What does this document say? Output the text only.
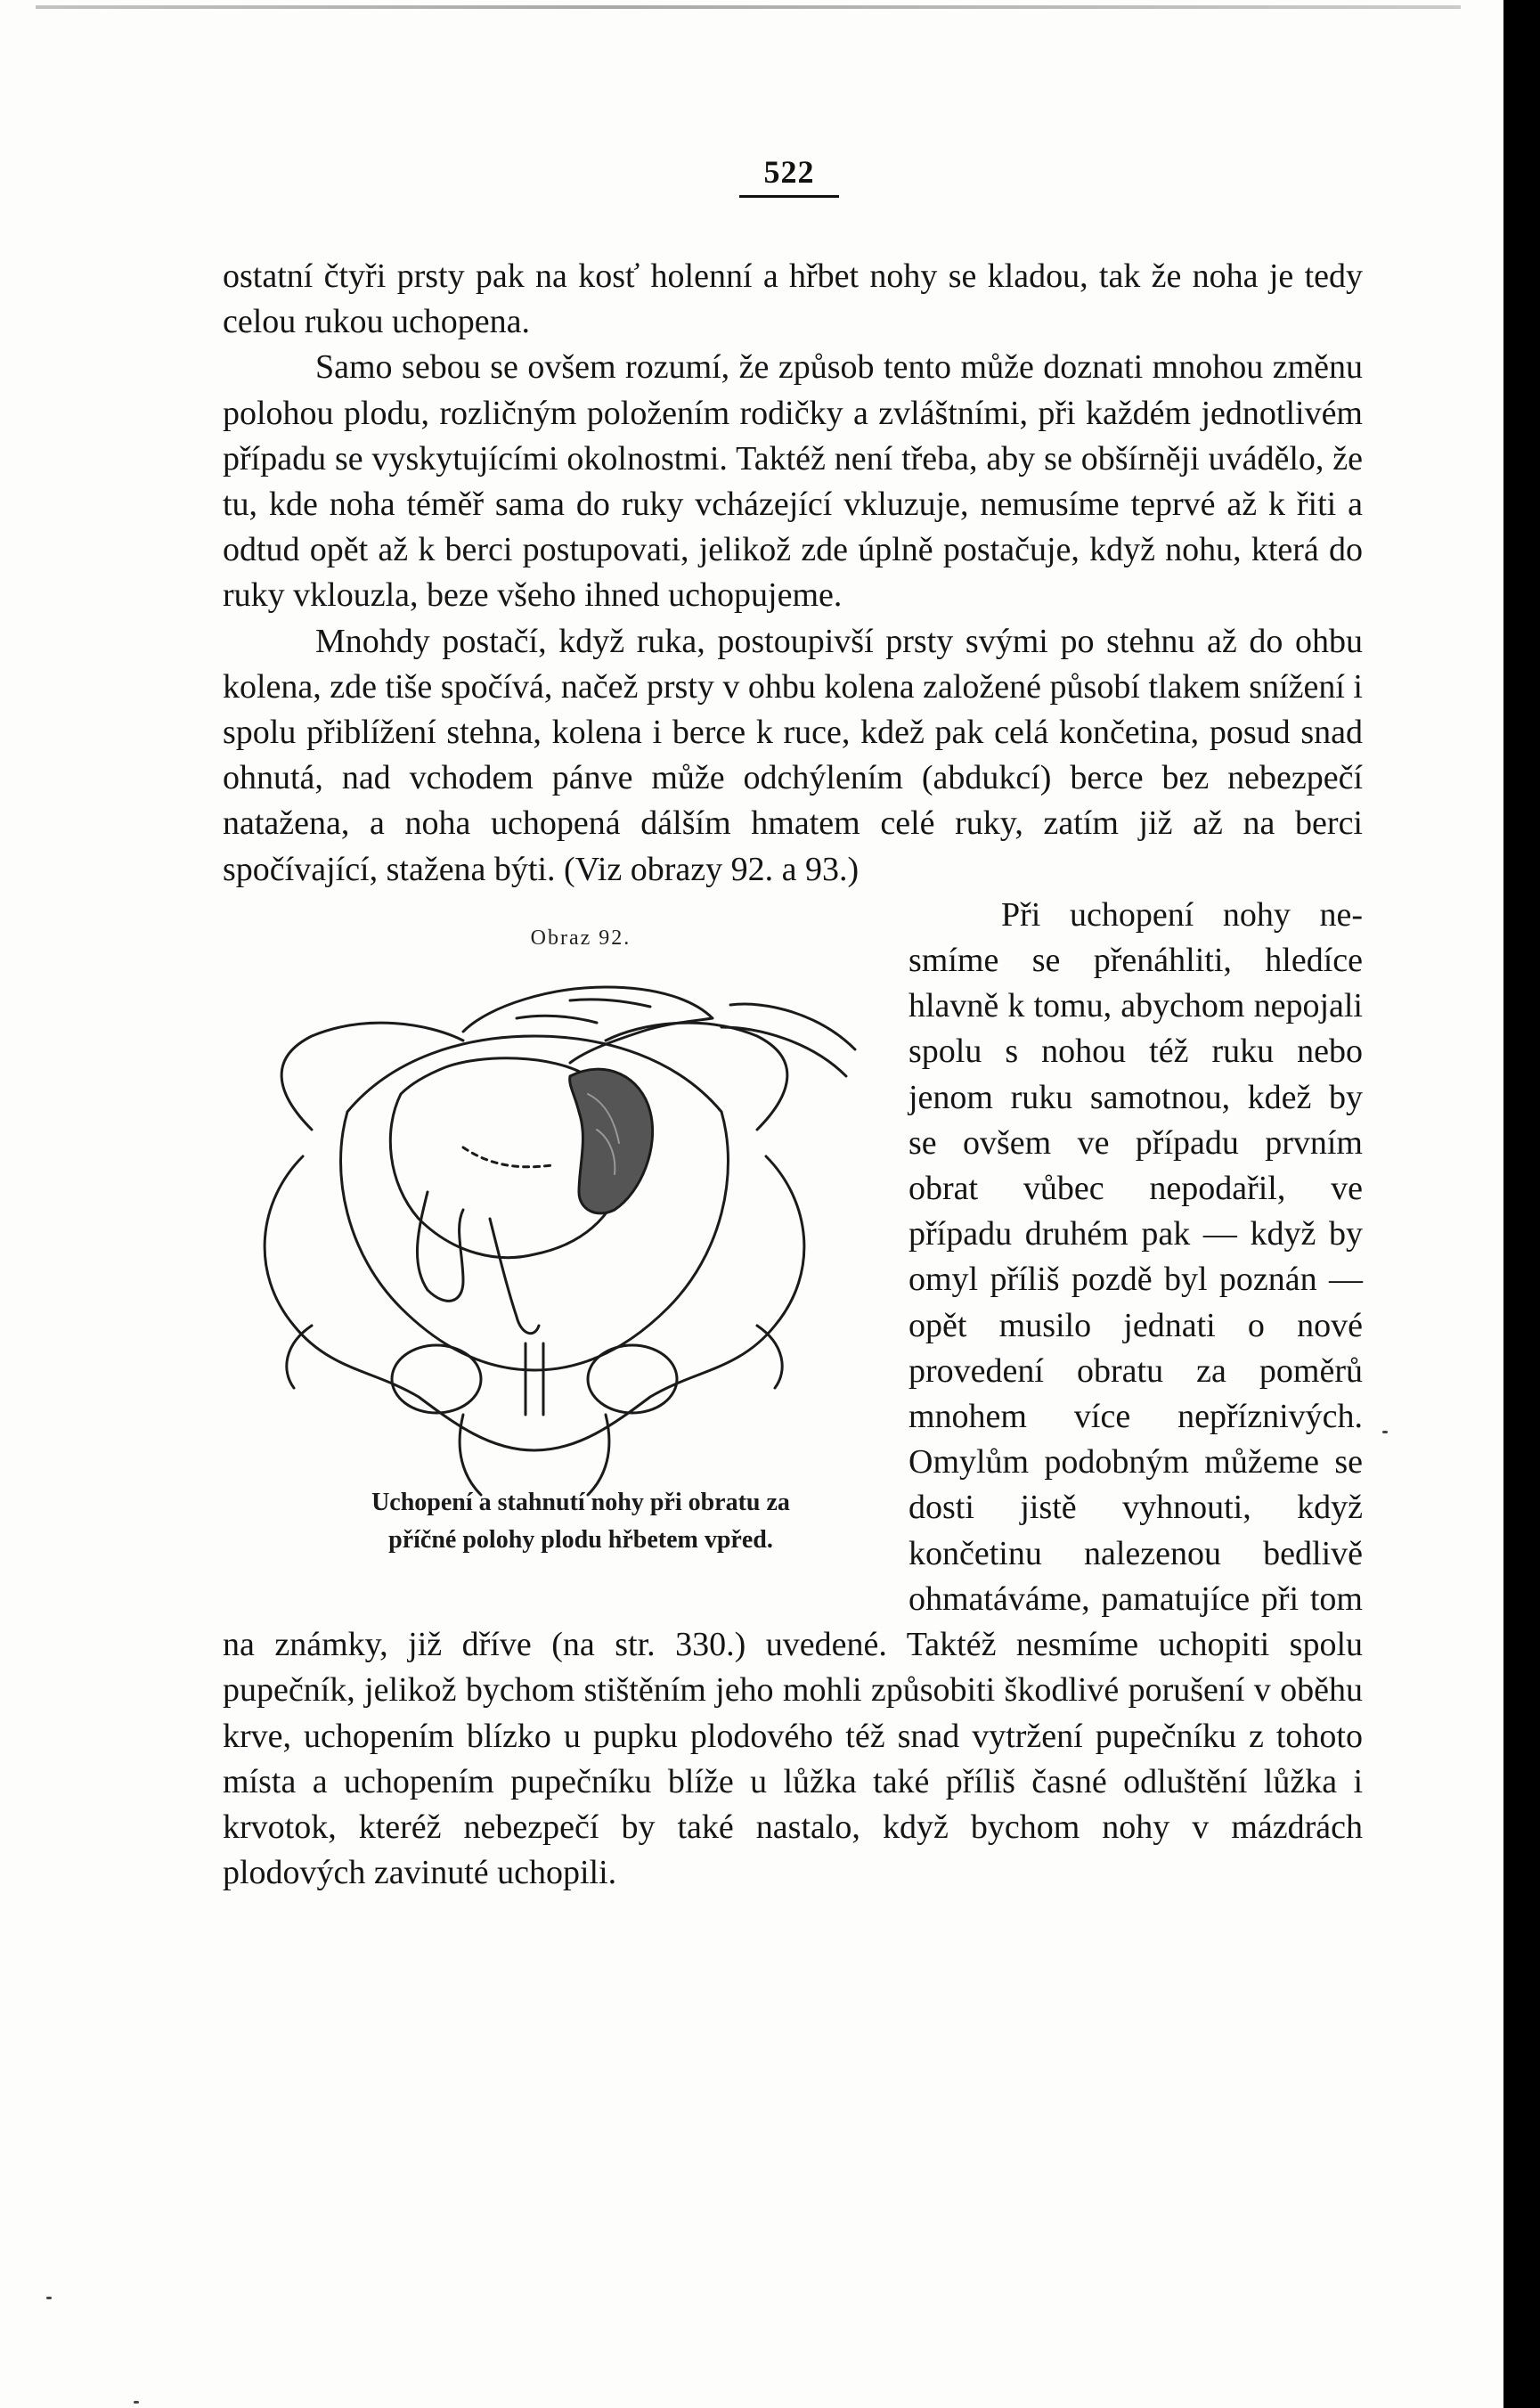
522

ostatní čtyři prsty pak na kosť holenní a hřbet nohy se kladou, tak že noha je tedy celou rukou uchopena.

Samo sebou se ovšem rozumí, že způsob tento může doznati mnohou změnu polohou plodu, rozličným položením rodičky a zvláštními, při každém jednotlivém případu se vyskytujícími okolnostmi. Taktéž není třeba, aby se obšírněji uvádělo, že tu, kde noha téměř sama do ruky vcházející vkluzuje, nemusíme teprvé až k řiti a odtud opět až k berci postupovati, jelikož zde úplně postačuje, když nohu, která do ruky vklouzla, beze všeho ihned uchopujeme.

Mnohdy postačí, když ruka, postoupivší prsty svými po stehnu až do ohbu kolena, zde tiše spočívá, načež prsty v ohbu kolena založené působí tlakem snížení i spolu přiblížení stehna, kolena i berce k ruce, kdež pak celá končetina, posud snad ohnutá, nad vchodem pánve může odchýlením (abdukcí) berce bez nebezpečí natažena, a noha uchopená dálším hmatem celé ruky, zatím již až na berci spočívající, stažena býti. (Viz obrazy 92. a 93.)
Obraz 92.
Uchopení a stahnutí nohy při obratu za
příčné polohy plodu hřbetem vpřed.

Při uchopení nohy nesmíme se přenáhliti, hledíce hlavně k tomu, abychom nepojali spolu s nohou též ruku nebo jenom ruku samotnou, kdež by se ovšem ve případu prvním obrat vůbec nepodařil, ve případu druhém pak — když by omyl příliš pozdě byl poznán — opět musilo jednati o nové provedení obratu za poměrů mnohem více nepříznivých. Omylům podobným můžeme se dosti jistě vyhnouti, když končetinu nalezenou bedlivě ohmatáváme, pamatujíce při tom na známky, již dříve (na str. 330.) uvedené. Taktéž nesmíme uchopiti spolu pupečník, jelikož bychom stištěním jeho mohli způsobiti škodlivé porušení v oběhu krve, uchopením blízko u pupku plodového též snad vytržení pupečníku z tohoto místa a uchopením pupečníku blíže u lůžka také příliš časné odluštění lůžka i krvotok, kteréž nebezpečí by také nastalo, když bychom nohy v mázdrách plodových zavinuté uchopili.
